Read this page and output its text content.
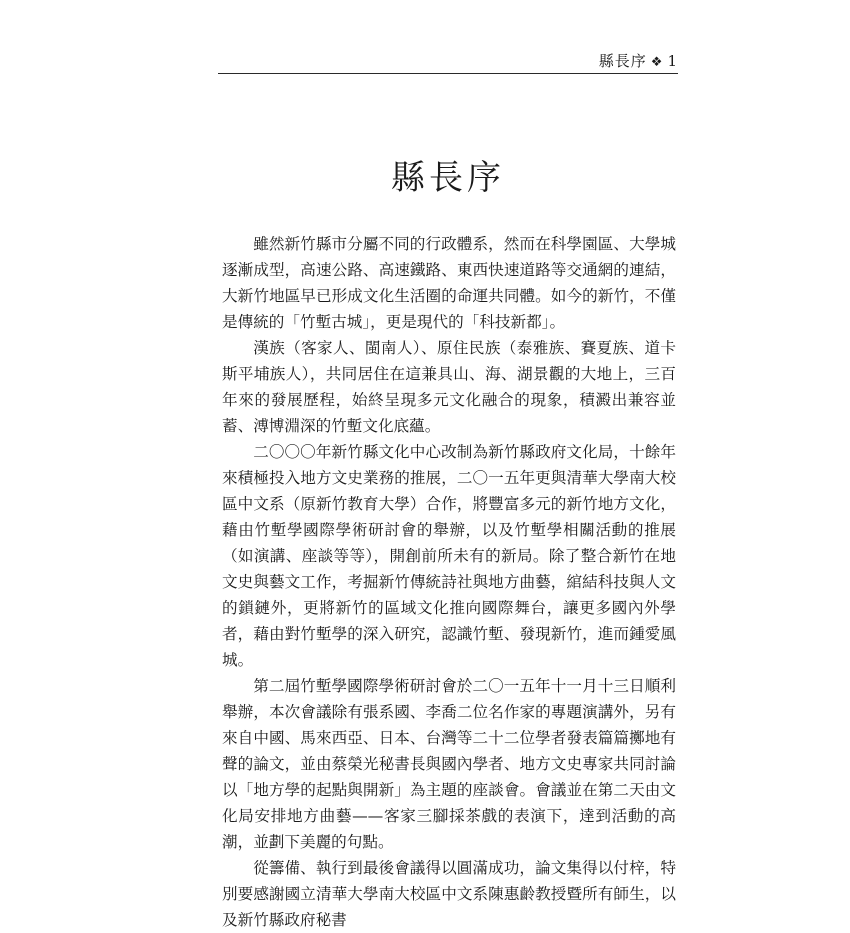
縣長序 ❖ 1
縣長序

雖然新竹縣市分屬不同的行政體系，然而在科學園區、大學城逐漸成型，高速公路、高速鐵路、東西快速道路等交通網的連結，大新竹地區早已形成文化生活圈的命運共同體。如今的新竹，不僅是傳統的「竹塹古城」，更是現代的「科技新都」。

漢族（客家人、閩南人）、原住民族（泰雅族、賽夏族、道卡斯平埔族人），共同居住在這兼具山、海、湖景觀的大地上，三百年來的發展歷程，始終呈現多元文化融合的現象，積澱出兼容並蓄、溥博淵深的竹塹文化底蘊。

二〇〇〇年新竹縣文化中心改制為新竹縣政府文化局，十餘年來積極投入地方文史業務的推展，二〇一五年更與清華大學南大校區中文系（原新竹教育大學）合作，將豐富多元的新竹地方文化，藉由竹塹學國際學術研討會的舉辦，以及竹塹學相關活動的推展（如演講、座談等等），開創前所未有的新局。除了整合新竹在地文史與藝文工作，考掘新竹傳統詩社與地方曲藝，綰結科技與人文的鎖鏈外，更將新竹的區域文化推向國際舞台，讓更多國內外學者，藉由對竹塹學的深入研究，認識竹塹、發現新竹，進而鍾愛風城。

第二屆竹塹學國際學術研討會於二〇一五年十一月十三日順利舉辦，本次會議除有張系國、李喬二位名作家的專題演講外，另有來自中國、馬來西亞、日本、台灣等二十二位學者發表篇篇擲地有聲的論文，並由蔡榮光秘書長與國內學者、地方文史專家共同討論以「地方學的起點與開新」為主題的座談會。會議並在第二天由文化局安排地方曲藝——客家三腳採茶戲的表演下，達到活動的高潮，並劃下美麗的句點。

從籌備、執行到最後會議得以圓滿成功，論文集得以付梓，特別要感謝國立清華大學南大校區中文系陳惠齡教授暨所有師生，以及新竹縣政府秘書
